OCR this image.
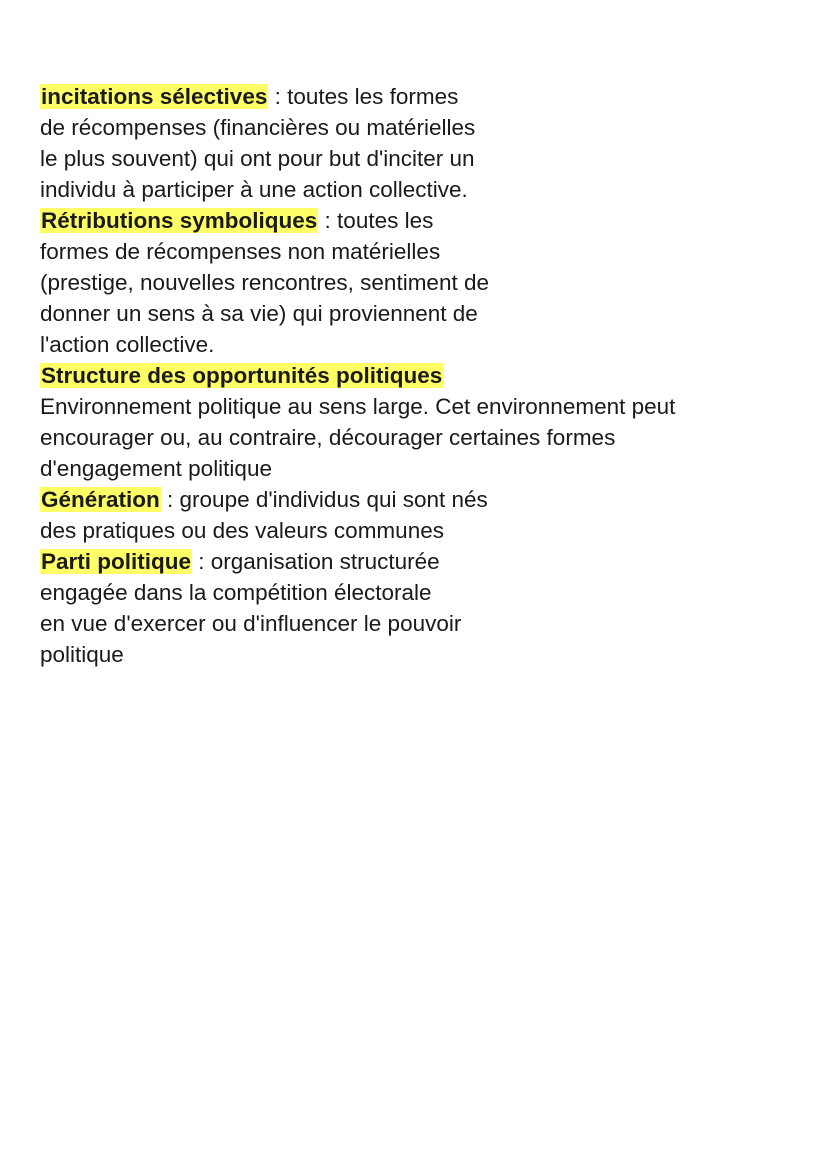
incitations sélectives : toutes les formes
de récompenses (financières ou matérielles
le plus souvent) qui ont pour but d'inciter un
individu à participer à une action collective.
Rétributions symboliques : toutes les
formes de récompenses non matérielles
(prestige, nouvelles rencontres, sentiment de
donner un sens à sa vie) qui proviennent de
l'action collective.
Structure des opportunités politiques
Environnement politique au sens large. Cet environnement peut
encourager ou, au contraire, décourager certaines formes
d'engagement politique
Génération : groupe d'individus qui sont nés
des pratiques ou des valeurs communes
Parti politique : organisation structurée
engagée dans la compétition électorale
en vue d'exercer ou d'influencer le pouvoir
politique
